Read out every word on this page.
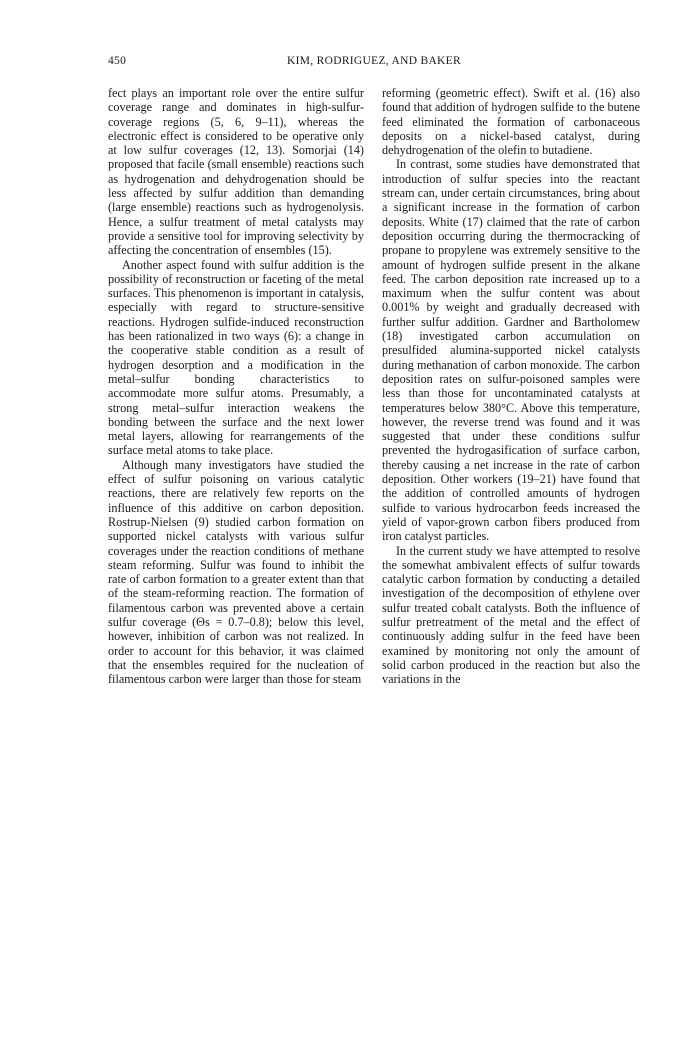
450	KIM, RODRIGUEZ, AND BAKER

fect plays an important role over the entire sulfur coverage range and dominates in high-sulfur-coverage regions (5, 6, 9–11), whereas the electronic effect is considered to be operative only at low sulfur coverages (12, 13). Somorjai (14) proposed that facile (small ensemble) reactions such as hydrogenation and dehydrogenation should be less affected by sulfur addition than demanding (large ensemble) reactions such as hydrogenolysis. Hence, a sulfur treatment of metal catalysts may provide a sensitive tool for improving selectivity by affecting the concentration of ensembles (15).

Another aspect found with sulfur addition is the possibility of reconstruction or faceting of the metal surfaces. This phenomenon is important in catalysis, especially with regard to structure-sensitive reactions. Hydrogen sulfide-induced reconstruction has been rationalized in two ways (6): a change in the cooperative stable condition as a result of hydrogen desorption and a modification in the metal–sulfur bonding characteristics to accommodate more sulfur atoms. Presumably, a strong metal–sulfur interaction weakens the bonding between the surface and the next lower metal layers, allowing for rearrangements of the surface metal atoms to take place.

Although many investigators have studied the effect of sulfur poisoning on various catalytic reactions, there are relatively few reports on the influence of this additive on carbon deposition. Rostrup-Nielsen (9) studied carbon formation on supported nickel catalysts with various sulfur coverages under the reaction conditions of methane steam reforming. Sulfur was found to inhibit the rate of carbon formation to a greater extent than that of the steam-reforming reaction. The formation of filamentous carbon was prevented above a certain sulfur coverage (Θs = 0.7–0.8); below this level, however, inhibition of carbon was not realized. In order to account for this behavior, it was claimed that the ensembles required for the nucleation of filamentous carbon were larger than those for steam

reforming (geometric effect). Swift et al. (16) also found that addition of hydrogen sulfide to the butene feed eliminated the formation of carbonaceous deposits on a nickel-based catalyst, during dehydrogenation of the olefin to butadiene.

In contrast, some studies have demonstrated that introduction of sulfur species into the reactant stream can, under certain circumstances, bring about a significant increase in the formation of carbon deposits. White (17) claimed that the rate of carbon deposition occurring during the thermocracking of propane to propylene was extremely sensitive to the amount of hydrogen sulfide present in the alkane feed. The carbon deposition rate increased up to a maximum when the sulfur content was about 0.001% by weight and gradually decreased with further sulfur addition. Gardner and Bartholomew (18) investigated carbon accumulation on presulfided alumina-supported nickel catalysts during methanation of carbon monoxide. The carbon deposition rates on sulfur-poisoned samples were less than those for uncontaminated catalysts at temperatures below 380°C. Above this temperature, however, the reverse trend was found and it was suggested that under these conditions sulfur prevented the hydrogasification of surface carbon, thereby causing a net increase in the rate of carbon deposition. Other workers (19–21) have found that the addition of controlled amounts of hydrogen sulfide to various hydrocarbon feeds increased the yield of vapor-grown carbon fibers produced from iron catalyst particles.

In the current study we have attempted to resolve the somewhat ambivalent effects of sulfur towards catalytic carbon formation by conducting a detailed investigation of the decomposition of ethylene over sulfur treated cobalt catalysts. Both the influence of sulfur pretreatment of the metal and the effect of continuously adding sulfur in the feed have been examined by monitoring not only the amount of solid carbon produced in the reaction but also the variations in the
